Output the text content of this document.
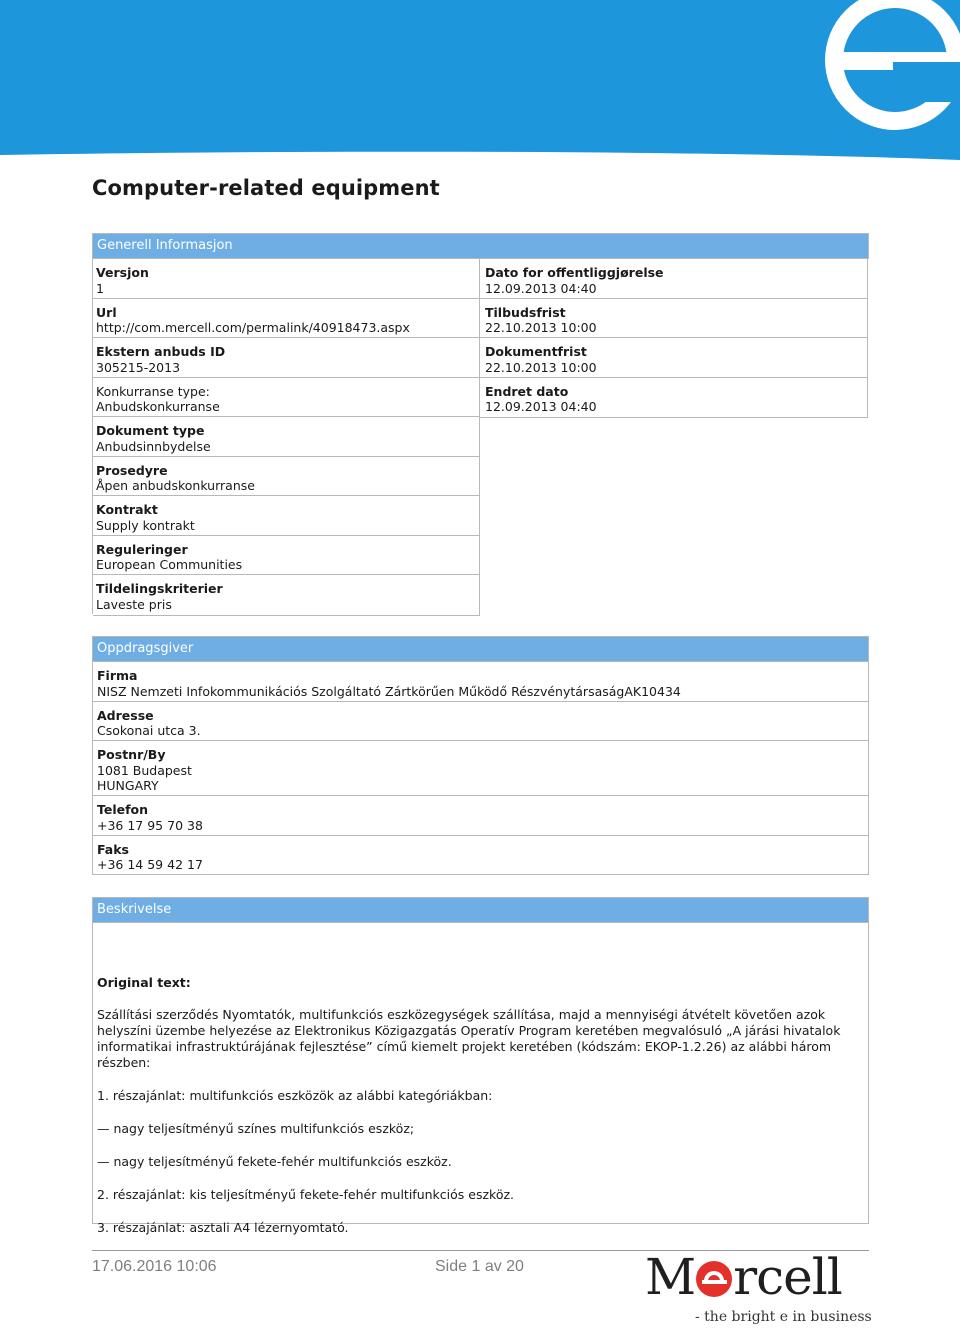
Computer-related equipment
Generell Informasjon
Versjon
1
Url
http://com.mercell.com/permalink/40918473.aspx
Ekstern anbuds ID
305215-2013
Konkurranse type:
Anbudskonkurranse
Dokument type
Anbudsinnbydelse
Prosedyre
Åpen anbudskonkurranse
Kontrakt
Supply kontrakt
Reguleringer
European Communities
Tildelingskriterier
Laveste pris
Dato for offentliggjørelse
12.09.2013 04:40
Tilbudsfrist
22.10.2013 10:00
Dokumentfrist
22.10.2013 10:00
Endret dato
12.09.2013 04:40
Oppdragsgiver
Firma
NISZ Nemzeti Infokommunikációs Szolgáltató Zártkörűen Működő RészvénytársaságAK10434
Adresse
Csokonai utca 3.
Postnr/By
1081 Budapest
HUNGARY
Telefon
+36 17 95 70 38
Faks
+36 14 59 42 17
Beskrivelse

Original text:

Szállítási szerződés Nyomtatók, multifunkciós eszközegységek szállítása, majd a mennyiségi átvételt követően azok helyszíni üzembe helyezése az Elektronikus Közigazgatás Operatív Program keretében megvalósuló „A járási hivatalok informatikai infrastruktúrájának fejlesztése” című kiemelt projekt keretében (kódszám: EKOP-1.2.26) az alábbi három részben:

1. részajánlat: multifunkciós eszközök az alábbi kategóriákban:

— nagy teljesítményű színes multifunkciós eszköz;

— nagy teljesítményű fekete-fehér multifunkciós eszköz.

2. részajánlat: kis teljesítményű fekete-fehér multifunkciós eszköz.

3. részajánlat: asztali A4 lézernyomtató.

17.06.2016 10:06	Side 1 av 20 M rcell
- the bright e in business
